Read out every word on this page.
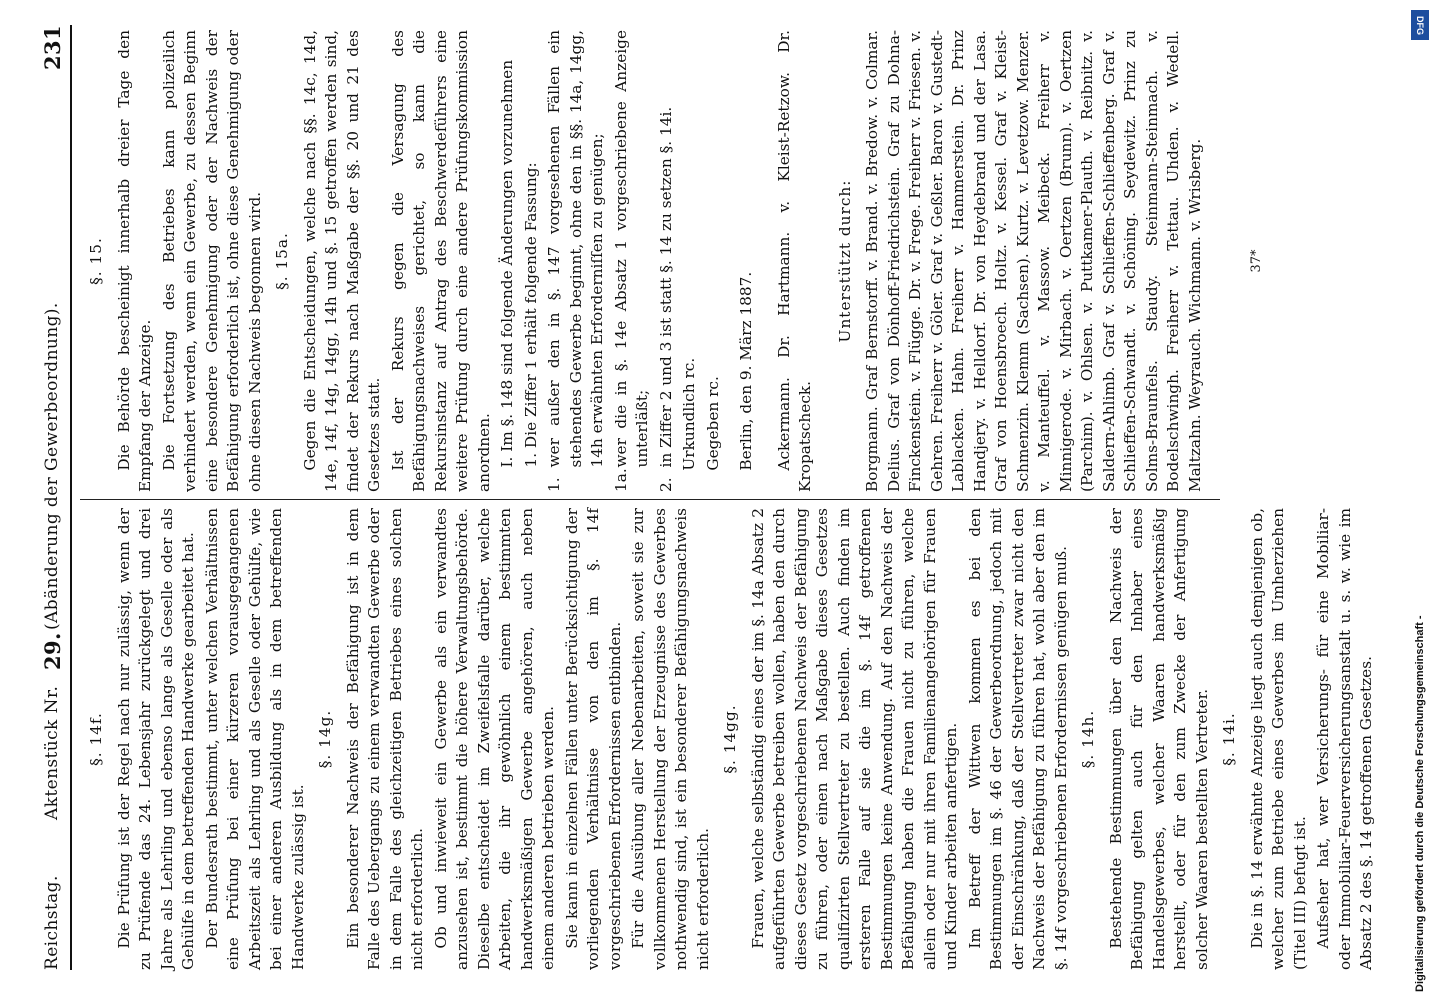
Reichstag.
Aktenstück Nr.
29.
(Abänderung der Gewerbeordnung).
231
§. 14f. Die Prüfung ist der Regel nach nur zulässig, wenn der zu Prüfende das 24. Lebensjahr zurückgelegt und drei Jahre als Lehrling und ebenso lange als Geselle oder als Gehülfe in dem betreffenden Handwerke gearbeitet hat. Der Bundesrath bestimmt, unter welchen Verhältnissen eine Prüfung bei einer kürzeren vorausgegangenen Arbeitszeit als Lehrling und als Geselle oder Gehülfe, wie bei einer anderen Ausbildung als in dem betreffenden Handwerke zulässig ist.

§. 14g. Ein besonderer Nachweis der Befähigung ist in dem Falle des Uebergangs zu einem verwandten Gewerbe oder in dem Falle des gleichzeitigen Betriebes eines solchen nicht erforderlich. Ob und inwieweit ein Gewerbe als ein verwandtes anzusehen ist, bestimmt die höhere Verwaltungsbehörde. Dieselbe entscheidet im Zweifelsfalle darüber, welche Arbeiten, die ihr gewöhnlich einem bestimmten handwerksmäßigen Gewerbe angehören, auch neben einem anderen betrieben werden. Sie kann in einzelnen Fällen unter Berücksichtigung der vorliegenden Verhältnisse von den im §. 14f vorgeschriebenen Erfordernissen entbinden. Für die Ausübung aller Nebenarbeiten, soweit sie zur vollkommenen Herstellung der Erzeugnisse des Gewerbes nothwendig sind, ist ein besonderer Befähigungsnachweis nicht erforderlich.

§. 14gg. Frauen, welche selbständig eines der im §. 14a Absatz 2 aufgeführten Gewerbe betreiben wollen, haben den durch dieses Gesetz vorgeschriebenen Nachweis der Befähigung zu führen, oder einen nach Maßgabe dieses Gesetzes qualifizirten Stellvertreter zu bestellen. Auch finden im ersteren Falle auf sie die im §. 14f getroffenen Bestimmungen keine Anwendung. Auf den Nachweis der Befähigung haben die Frauen nicht zu führen, welche allein oder nur mit ihren Familienangehörigen für Frauen und Kinder arbeiten anfertigen. Im Betreff der Wittwen kommen es bei den Bestimmungen im §. 46 der Gewerbeordnung, jedoch mit der Einschränkung, daß der Stellvertreter zwar nicht den Nachweis der Befähigung zu führen hat, wohl aber den im §. 14f vorgeschriebenen Erfordernissen genügen muß. §. 14h. Bestehende Bestimmungen über den Nachweis der Befähigung gelten auch für den Inhaber eines Handelsgewerbes, welcher Waaren handwerksmäßig herstellt, oder für den zum Zwecke der Anfertigung solcher Waaren bestellten Vertreter. §. 14i. Die in §. 14 erwähnte Anzeige liegt auch demjenigen ob, welcher zum Betriebe eines Gewerbes im Umherziehen (Titel III) befugt ist. Aufseher hat, wer Versicherungs- für eine Mobiliar- oder Immobiliar-Feuerversicherungsanstalt u. s. w. wie im Absatz 2 des §. 14 getroffenen Gesetzes.

§. 15. Die Behörde bescheinigt innerhalb dreier Tage den Empfang der Anzeige. Die Fortsetzung des Betriebes kann polizeilich verhindert werden, wenn ein Gewerbe, zu dessen Beginn eine besondere Genehmigung oder der Nachweis der Befähigung erforderlich ist, ohne diese Genehmigung oder ohne diesen Nachweis begonnen wird. §. 15a. Gegen die Entscheidungen, welche nach §§. 14c, 14d, 14e, 14f, 14g, 14gg, 14h und §. 15 getroffen werden sind, findet der Rekurs nach Maßgabe der §§. 20 und 21 des Gesetzes statt. Ist der Rekurs gegen die Versagung des Befähigungsnachweises gerichtet, so kann die Rekursinstanz auf Antrag des Beschwerdeführers eine weitere Prüfung durch eine andere Prüfungskommission anordnen. I. Im §. 148 sind folgende Änderungen vorzunehmen 1. Die Ziffer 1 erhält folgende Fassung:

1.
wer außer den in §. 147 vorgesehenen Fällen ein stehendes Gewerbe beginnt, ohne den in §§. 14a, 14gg, 14h erwähnten Erforderniſſen zu genügen;

1a.
wer die in §. 14e Absatz 1 vorgeschriebene Anzeige unterläßt;

2.
in Ziffer 2 und 3 ist statt §. 14 zu setzen §. 14i. Urkundlich rc. Gegeben rc. Berlin, den 9. März 1887. Ackermann. Dr. Hartmann. v. Kleist-Retzow. Dr. Kropatscheck.

Unterstützt durch: Borgmann. Graf Bernstorff. v. Brand. v. Bredow. v. Colmar. Delius. Graf von Dönhoff-Friedrichstein. Graf zu Dohna-Finckenstein. v. Flügge. Dr. v. Frege. Freiherr v. Friesen. v. Gehren. Freiherr v. Göler. Graf v. Geßler. Baron v. Gustedt-Lablacken. Hahn. Freiherr v. Hammerstein. Dr. Prinz Handjery. v. Helldorf. Dr. von Heydebrand und der Lasa. Graf von Hoensbroech. Holtz. v. Kessel. Graf v. Kleist-Schmenzin. Klemm (Sachsen). Kurtz. v. Levetzow. Menzer. v. Manteuffel. v. Massow. Meibeck. Freiherr v. Minnigerode. v. Mirbach. v. Oertzen (Brunn). v. Oertzen (Parchim). v. Ohlsen. v. Puttkamer-Plauth. v. Reibnitz. v. Saldern-Ahlimb. Graf v. Schlieffen-Schlieffenberg. Graf v. Schlieffen-Schwandt. v. Schöning. Seydewitz. Prinz zu Solms-Braunfels. Staudy. Steinmann-Steinmach. v. Bodelschwingh. Freiherr v. Tettau. Uhden. v. Wedell. Maltzahn. Weyrauch. Wichmann. v. Wrisberg.	37*
DFG
Digitalisierung gefördert durch die Deutsche Forschungsgemeinschaft -
